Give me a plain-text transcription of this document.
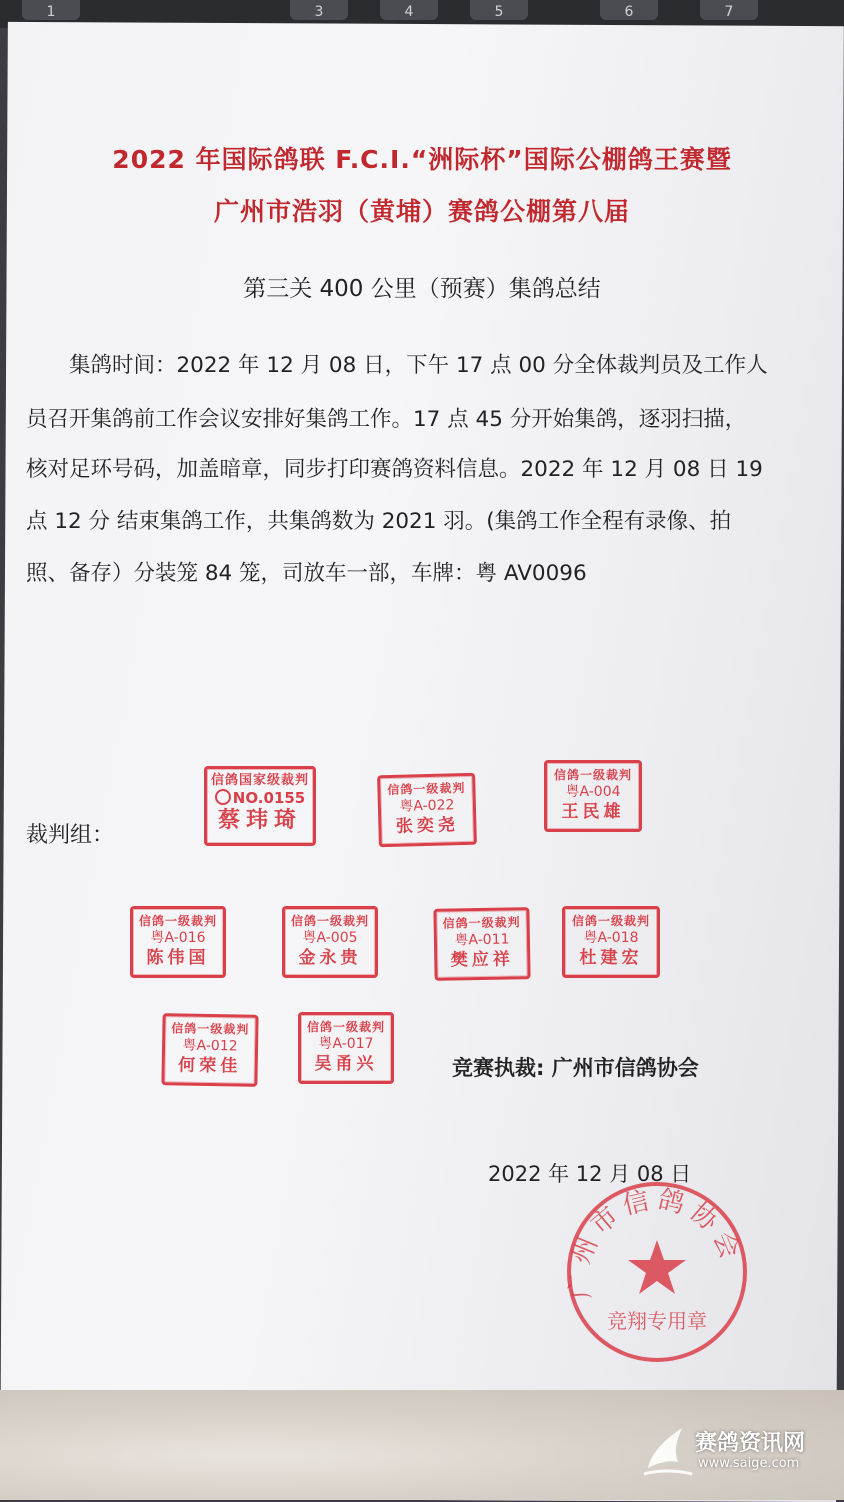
1	3	4	5	6	7
2022 年国际鸽联 F.C.I.“洲际杯”国际公棚鸽王赛暨
广州市浩羽（黄埔）赛鸽公棚第八届
第三关 400 公里（预赛）集鸽总结
　　集鸽时间：2022 年 12 月 08 日，下午 17 点 00 分全体裁判员及工作人
员召开集鸽前工作会议安排好集鸽工作。17 点 45 分开始集鸽，逐羽扫描，
核对足环号码，加盖暗章，同步打印赛鸽资料信息。2022 年 12 月 08 日 19
点 12 分 结束集鸽工作，共集鸽数为 2021 羽。(集鸽工作全程有录像、拍
照、备存）分装笼 84 笼，司放车一部，车牌：粤 AV0096
裁判组：
信鸽国家级裁判
NO.0155
蔡玮琦
信鸽一级裁判
粤A-022
张奕尧
信鸽一级裁判
粤A-004
王民雄
信鸽一级裁判
粤A-016
陈伟国
信鸽一级裁判
粤A-005
金永贵
信鸽一级裁判
粤A-011
樊应祥
信鸽一级裁判
粤A-018
杜建宏
信鸽一级裁判
粤A-012
何荣佳
信鸽一级裁判
粤A-017
吴甬兴	竞赛执裁: 广州市信鸽协会
2022 年 12 月 08 日
广州市信鸽协会
竞翔专用章
赛鸽资讯网
www.saige.com
